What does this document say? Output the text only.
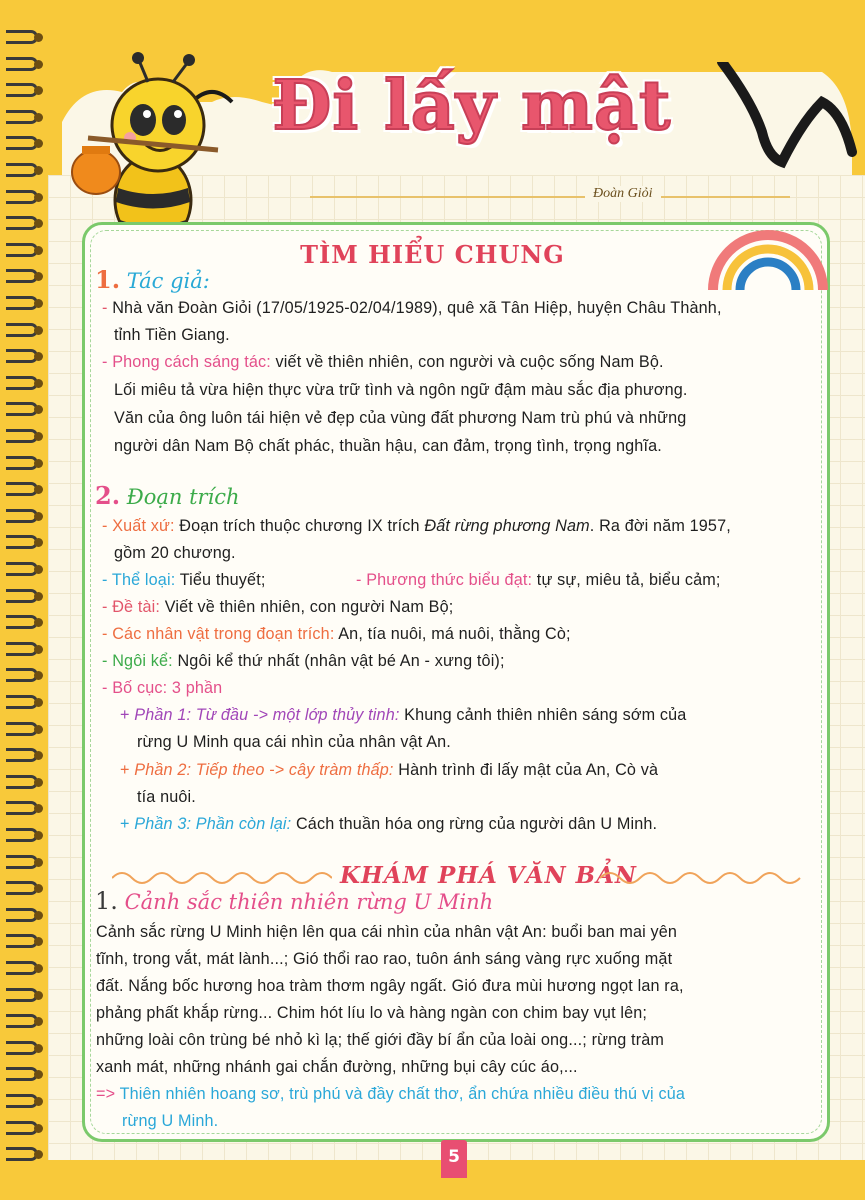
Đi lấy mật
Đoàn Giỏi
TÌM HIỂU CHUNG
1. Tác giả:
- Nhà văn Đoàn Giỏi (17/05/1925-02/04/1989), quê xã Tân Hiệp, huyện Châu Thành,
tỉnh Tiền Giang.
- Phong cách sáng tác: viết về thiên nhiên, con người và cuộc sống Nam Bộ.
Lối miêu tả vừa hiện thực vừa trữ tình và ngôn ngữ đậm màu sắc địa phương.
Văn của ông luôn tái hiện vẻ đẹp của vùng đất phương Nam trù phú và những
người dân Nam Bộ chất phác, thuần hậu, can đảm, trọng tình, trọng nghĩa.
2. Đoạn trích
- Xuất xứ: Đoạn trích thuộc chương IX trích Đất rừng phương Nam. Ra đời năm 1957,
gồm 20 chương.
- Thể loại: Tiểu thuyết;	- Phương thức biểu đạt: tự sự, miêu tả, biểu cảm;
- Đề tài: Viết về thiên nhiên, con người Nam Bộ;
- Các nhân vật trong đoạn trích: An, tía nuôi, má nuôi, thằng Cò;
- Ngôi kể: Ngôi kể thứ nhất (nhân vật bé An - xưng tôi);
- Bố cục: 3 phần
+ Phần 1: Từ đầu -> một lớp thủy tinh: Khung cảnh thiên nhiên sáng sớm của
rừng U Minh qua cái nhìn của nhân vật An.
+ Phần 2: Tiếp theo -> cây tràm thấp: Hành trình đi lấy mật của An, Cò và
tía nuôi.
+ Phần 3: Phần còn lại: Cách thuần hóa ong rừng của người dân U Minh.
KHÁM PHÁ VĂN BẢN
1. Cảnh sắc thiên nhiên rừng U Minh
Cảnh sắc rừng U Minh hiện lên qua cái nhìn của nhân vật An: buổi ban mai yên
tĩnh, trong vắt, mát lành...; Gió thổi rao rao, tuôn ánh sáng vàng rực xuống mặt
đất. Nắng bốc hương hoa tràm thơm ngây ngất. Gió đưa mùi hương ngọt lan ra,
phảng phất khắp rừng... Chim hót líu lo và hàng ngàn con chim bay vụt lên;
những loài côn trùng bé nhỏ kì lạ; thế giới đầy bí ẩn của loài ong...; rừng tràm
xanh mát, những nhánh gai chắn đường, những bụi cây cúc áo,...
=> Thiên nhiên hoang sơ, trù phú và đầy chất thơ, ẩn chứa nhiều điều thú vị của
rừng U Minh.
5
